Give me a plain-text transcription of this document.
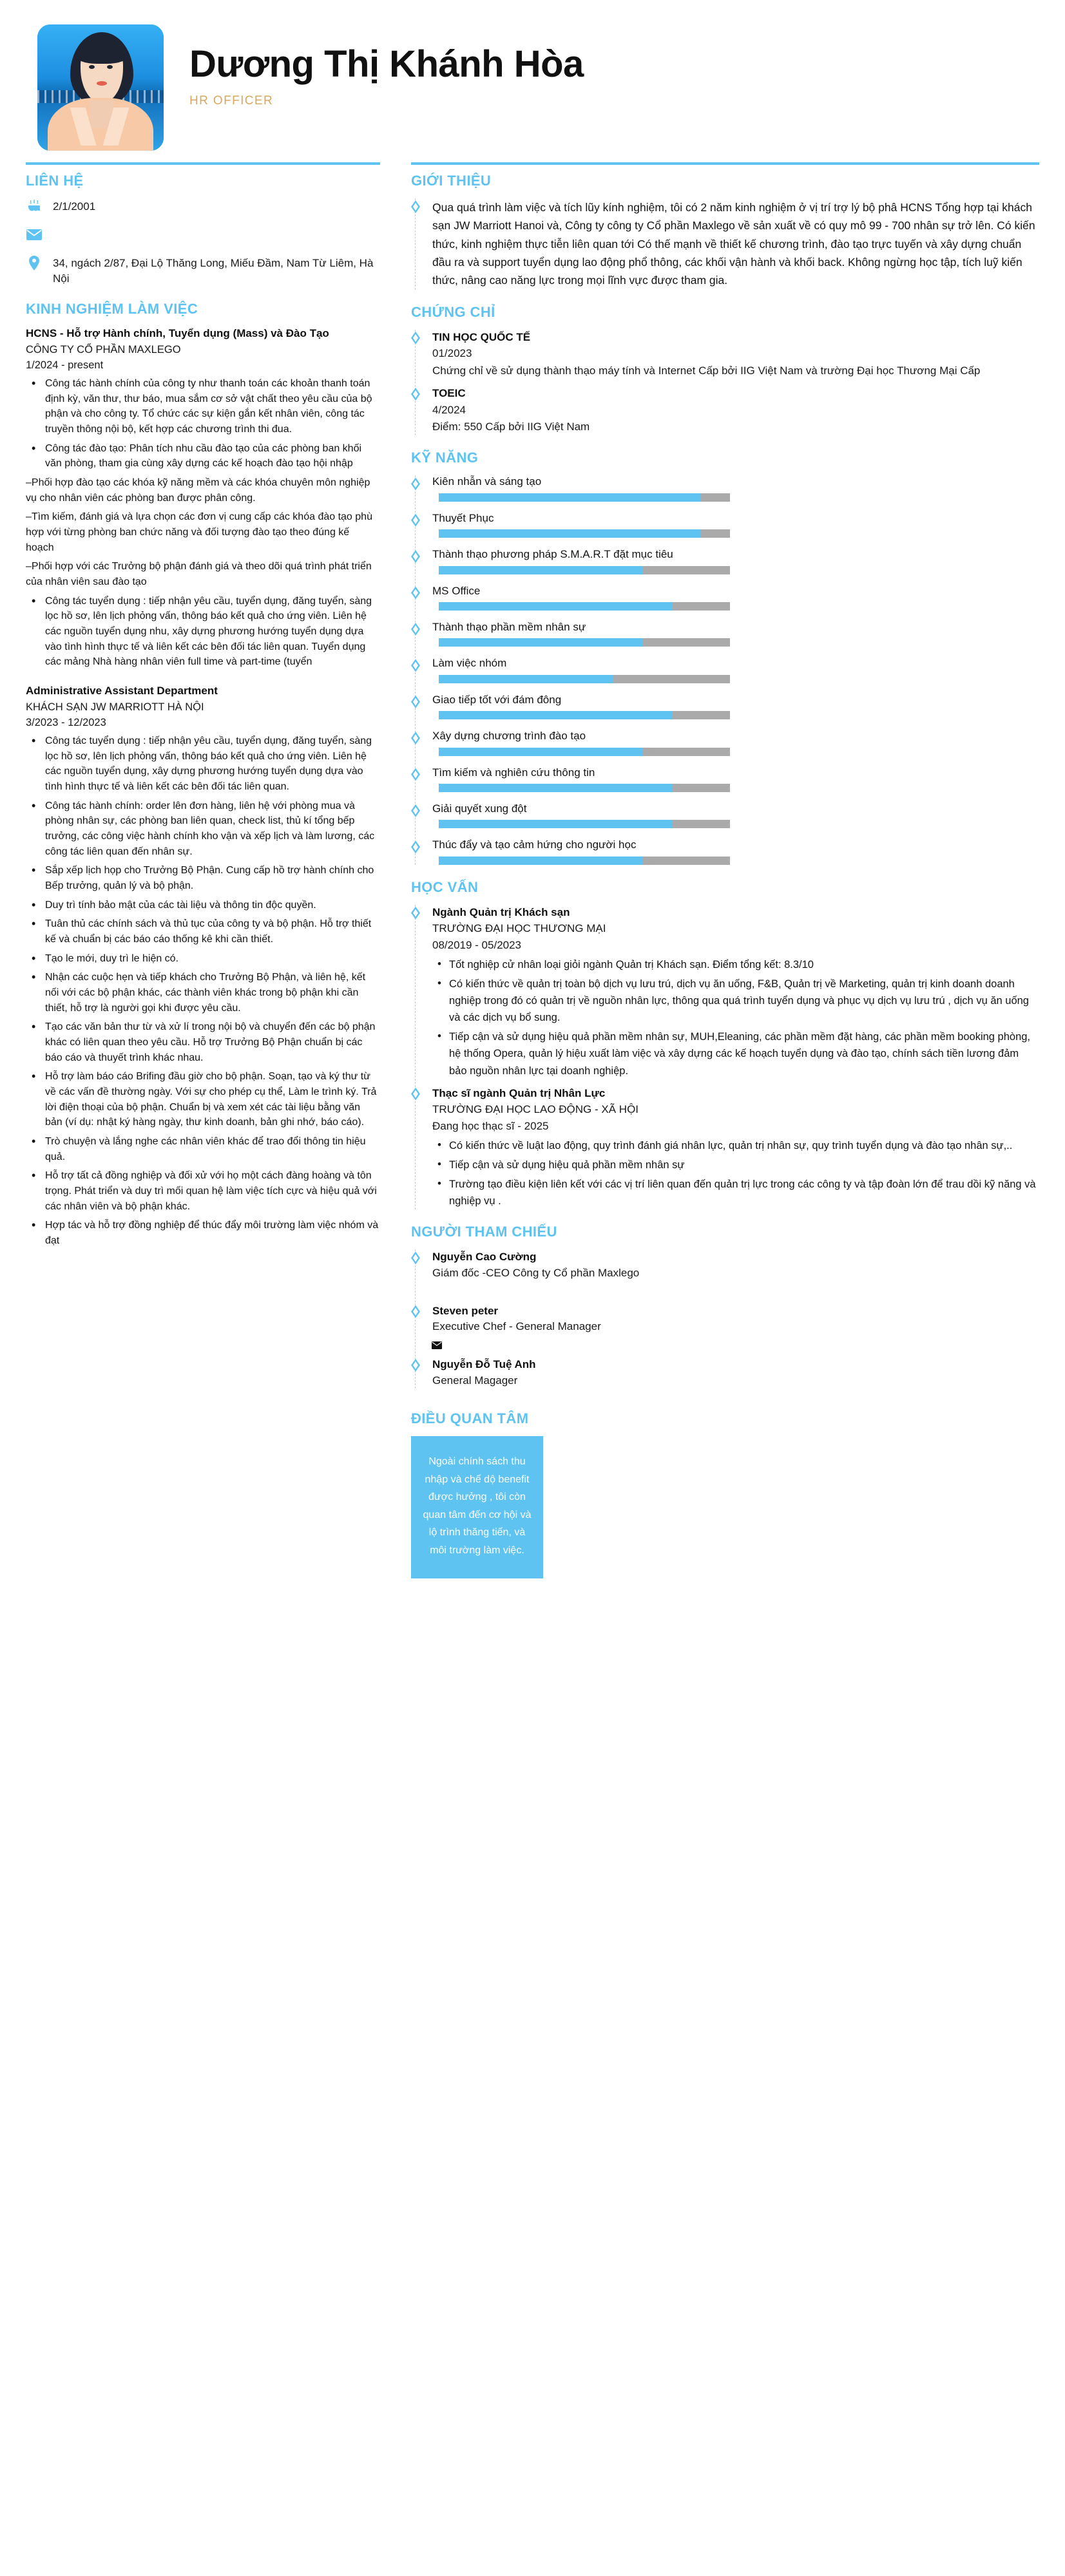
Dương Thị Khánh Hòa
HR OFFICER
LIÊN HỆ
2/1/2001
34, ngách 2/87, Đại Lộ Thăng Long, Miếu Đầm, Nam Từ Liêm, Hà Nội
KINH NGHIỆM LÀM VIỆC
HCNS - Hỗ trợ Hành chính, Tuyển dụng (Mass) và Đào Tạo
CÔNG TY CỔ PHẦN MAXLEGO
1/2024 - present
• Công tác hành chính của công ty như thanh toán các khoản thanh toán định kỳ, văn thư, thư báo, mua sắm cơ sở vật chất theo yêu cầu của bộ phận và cho công ty. Tổ chức các sự kiện gắn kết nhân viên, công tác truyền thông nội bộ, kết hợp các chương trình thi đua.
• Công tác đào tạo: Phân tích nhu cầu đào tạo của các phòng ban khối văn phòng, tham gia cùng xây dựng các kế hoạch đào tạo hội nhập

–Phối hợp đào tạo các khóa kỹ năng mềm và các khóa chuyên môn nghiệp vụ cho nhân viên các phòng ban được phân công.

–Tìm kiếm, đánh giá và lựa chọn các đơn vị cung cấp các khóa đào tạo phù hợp với từng phòng ban chức năng và đối tượng đào tạo theo đúng kế hoạch

–Phối hợp với các Trưởng bộ phận đánh giá và theo dõi quá trình phát triển của nhân viên sau đào tạo

• Công tác tuyển dụng : tiếp nhận yêu cầu, tuyển dụng, đăng tuyển, sàng lọc hồ sơ, lên lịch phỏng vấn, thông báo kết quả cho ứng viên. Liên hệ các nguồn tuyển dụng nhu, xây dựng phương hướng tuyển dụng dựa vào tình hình thực tế và liên kết các bên đối tác liên quan. Tuyển dụng các mảng Nhà hàng nhân viên full time và part-time (tuyển
Administrative Assistant Department
KHÁCH SẠN JW MARRIOTT HÀ NỘI
3/2023 - 12/2023
• Công tác tuyển dụng : tiếp nhận yêu cầu, tuyển dụng, đăng tuyển, sàng lọc hồ sơ, lên lịch phỏng vấn, thông báo kết quả cho ứng viên. Liên hệ các nguồn tuyển dụng, xây dựng phương hướng tuyển dụng dựa vào tình hình thực tế và liên kết các bên đối tác liên quan.
• Công tác hành chính: order lên đơn hàng, liên hệ với phòng mua và phòng nhân sự, các phòng ban liên quan, check list, thủ kí tổng bếp trưởng, các công việc hành chính kho vận và xếp lịch và làm lương, các công tác liên quan đến nhân sự.
• Sắp xếp lịch họp cho Trưởng Bộ Phận. Cung cấp hồ trợ hành chính cho Bếp trưởng, quản lý và bộ phận.
• Duy trì tính bảo mật của các tài liệu và thông tin độc quyền.
• Tuân thủ các chính sách và thủ tục của công ty và bộ phận. Hỗ trợ thiết kế và chuẩn bị các báo cáo thống kê khi cần thiết.
• Tạo le mới, duy trì le hiện có.
• Nhận các cuộc hẹn và tiếp khách cho Trưởng Bộ Phận, và liên hệ, kết nối với các bộ phận khác, các thành viên khác trong bộ phận khi cần thiết, hỗ trợ là người gọi khi được yêu cầu.
• Tạo các văn bản thư từ và xử lí trong nội bộ và chuyển đến các bộ phận khác có liên quan theo yêu cầu. Hỗ trợ Trưởng Bộ Phận chuẩn bị các báo cáo và thuyết trình khác nhau.
• Hỗ trợ làm báo cáo Brifing đầu giờ cho bộ phận. Soạn, tạo và ký thư từ về các vấn đề thường ngày. Với sự cho phép cụ thể, Làm le trình ký. Trả lời điện thoại của bộ phận. Chuẩn bị và xem xét các tài liệu bằng văn bản (ví dụ: nhật ký hàng ngày, thư kinh doanh, bản ghi nhớ, báo cáo).
• Trò chuyện và lắng nghe các nhân viên khác để trao đổi thông tin hiệu quả.
• Hỗ trợ tất cả đồng nghiệp và đối xử với họ một cách đàng hoàng và tôn trọng. Phát triển và duy trì mối quan hệ làm việc tích cực và hiệu quả với các nhân viên và bộ phận khác.
• Hợp tác và hỗ trợ đồng nghiệp để thúc đẩy môi trường làm việc nhóm và đạt
GIỚI THIỆU
Qua quá trình làm việc và tích lũy kính nghiệm, tôi có 2 năm kinh nghiệm ở vị trí trợ lý bộ phâ HCNS Tổng hợp tại khách sạn JW Marriott Hanoi và, Công ty công ty Cổ phần Maxlego về sản xuất về có quy mô 99 - 700 nhân sự trở lên. Có kiến thức, kinh nghiệm thực tiễn liên quan tới Có thế mạnh về thiết kế chương trình, đào tạo trực tuyến và xây dựng chuẩn đầu ra và support tuyển dụng lao động phổ thông, các khối vận hành và khối back. Không ngừng học tập, tích luỹ kiến thức, nâng cao năng lực trong mọi lĩnh vực được tham gia.
CHỨNG CHỈ
TIN HỌC QUỐC TẾ
01/2023
Chứng chỉ về sử dụng thành thạo máy tính và Internet Cấp bởi IIG Việt Nam và trường Đại học Thương Mại Cấp
TOEIC
4/2024
Điểm: 550 Cấp bởi IIG Việt Nam
KỸ NĂNG
Kiên nhẫn và sáng tạo
Thuyết Phục
Thành thạo phương pháp S.M.A.R.T đặt mục tiêu
MS Office
Thành thạo phần mềm nhân sự
Làm việc nhóm
Giao tiếp tốt với đám đông
Xây dựng chương trình đào tạo
Tìm kiếm và nghiên cứu thông tin
Giải quyết xung đột
Thúc đẩy và tạo cảm hứng cho người học
HỌC VẤN
Ngành Quản trị Khách sạn
TRƯỜNG ĐẠI HỌC THƯƠNG MẠI
08/2019 - 05/2023
• Tốt nghiệp cử nhân loại giỏi ngành Quản trị Khách sạn. Điểm tổng kết: 8.3/10
• Có kiến thức về quản trị toàn bộ dịch vụ lưu trú, dịch vụ ăn uống, F&B, Quản trị về Marketing, quản trị kinh doanh doanh nghiệp trong đó có quản trị về nguồn nhân lực, thông qua quá trình tuyển dụng và phục vụ dịch vụ lưu trú , dịch vụ ăn uống và các dịch vụ bổ sung.
• Tiếp cận và sử dụng hiệu quả phần mềm nhân sự, MUH,Eleaning, các phần mềm đặt hàng, các phần mềm booking phòng, hệ thống Opera, quản lý hiệu xuất làm việc và xây dựng các kế hoạch tuyển dụng và đào tạo, chính sách tiền lương đảm bảo nguồn nhân lực tại doanh nghiệp.
Thạc sĩ ngành Quản trị Nhân Lực
TRƯỜNG ĐẠI HỌC LAO ĐỘNG - XÃ HỘI
Đang học thạc sĩ - 2025
• Có kiến thức về luật lao động, quy trình đánh giá nhân lực, quản trị nhân sự, quy trình tuyển dụng và đào tạo nhân sự,..
• Tiếp cận và sử dụng hiệu quả phần mềm nhân sự
• Trường tạo điều kiện liên kết với các vị trí liên quan đến quản trị lực trong các công ty và tập đoàn lớn để trau dồi kỹ năng và nghiệp vụ .
NGƯỜI THAM CHIẾU
Nguyễn Cao Cường
Giám đốc -CEO Công ty Cổ phần Maxlego
Steven peter
Executive Chef - General Manager
Nguyễn Đỗ Tuệ Anh
General Magager
ĐIỀU QUAN TÂM

Ngoài chính sách thu nhập và chế dộ benefit được hưởng , tôi còn quan tâm đến cơ hội và lộ trình thăng tiến, và môi trường làm việc.
